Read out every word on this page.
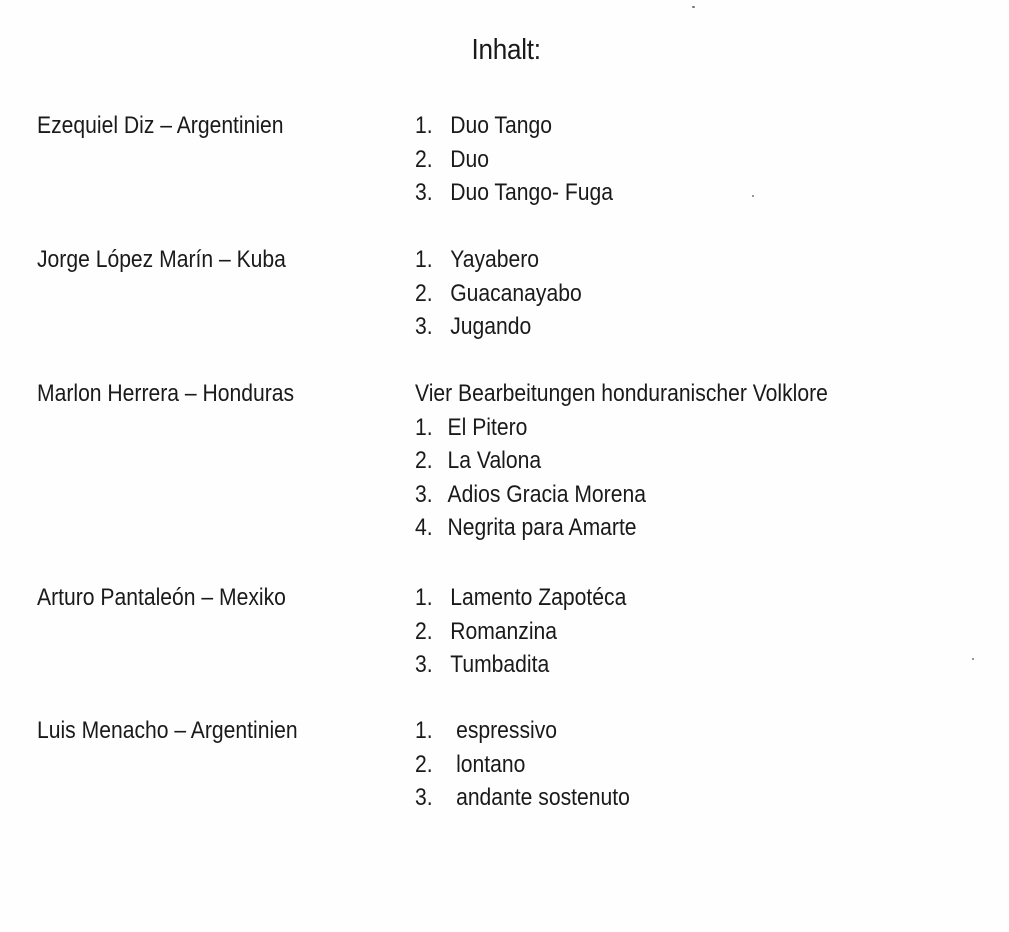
Inhalt:
Ezequiel Diz – Argentinien	1. Duo Tango
2. Duo
3. Duo Tango- Fuga
Jorge López Marín – Kuba	1. Yayabero
2. Guacanayabo
3. Jugando
Marlon Herrera – Honduras	Vier Bearbeitungen honduranischer Volklore
1. El Pitero
2. La Valona
3. Adios Gracia Morena
4. Negrita para Amarte
Arturo Pantaleón – Mexiko	1. Lamento Zapotéca
2. Romanzina
3. Tumbadita
Luis Menacho – Argentinien	1. espressivo
2. lontano
3. andante sostenuto
